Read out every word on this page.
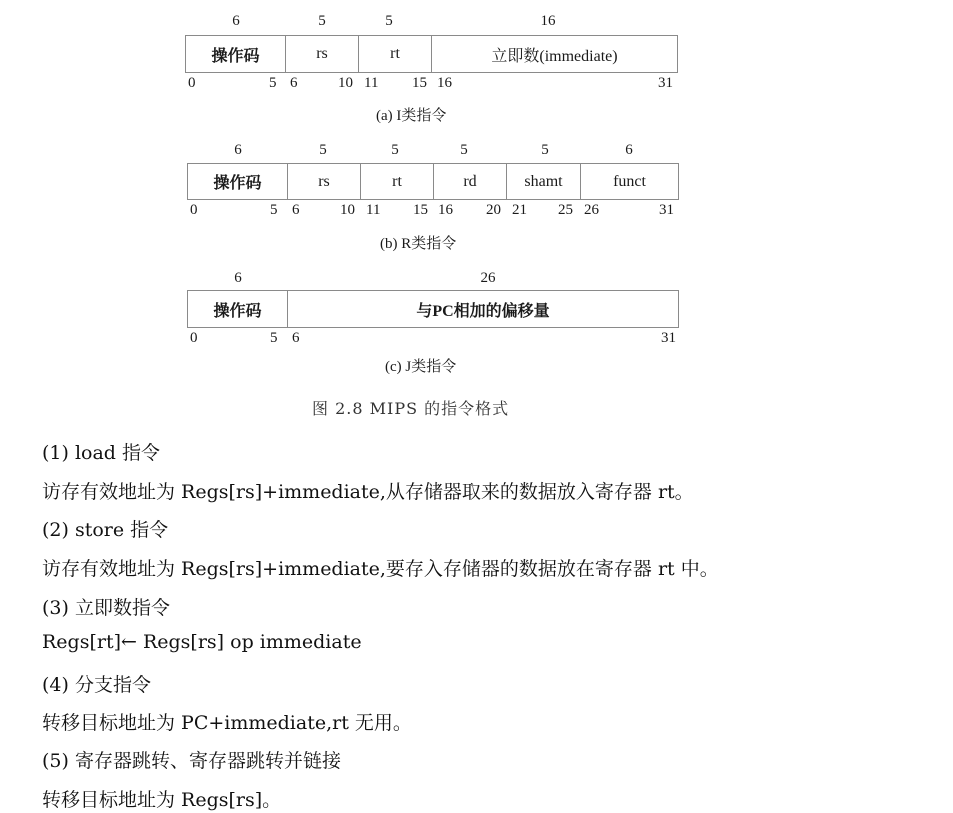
6	5	5	16
操作码	rs	rt	立即数(immediate)
0	5 6	10 11 15 16	31
(a) I类指令
6	5	5	5	5	6
操作码	rs	rt	rd	shamt	funct
0	5 6	10 11 15 16 20 21 25 26	31
(b) R类指令
6	26
操作码	与PC相加的偏移量
0	5 6	31
(c) J类指令
图 2.8 MIPS 的指令格式
(1) load 指令
访存有效地址为 Regs[rs]+immediate,从存储器取来的数据放入寄存器 rt。
(2) store 指令
访存有效地址为 Regs[rs]+immediate,要存入存储器的数据放在寄存器 rt 中。
(3) 立即数指令
Regs[rt]← Regs[rs] op immediate
(4) 分支指令
转移目标地址为 PC+immediate,rt 无用。
(5) 寄存器跳转、寄存器跳转并链接
转移目标地址为 Regs[rs]。
